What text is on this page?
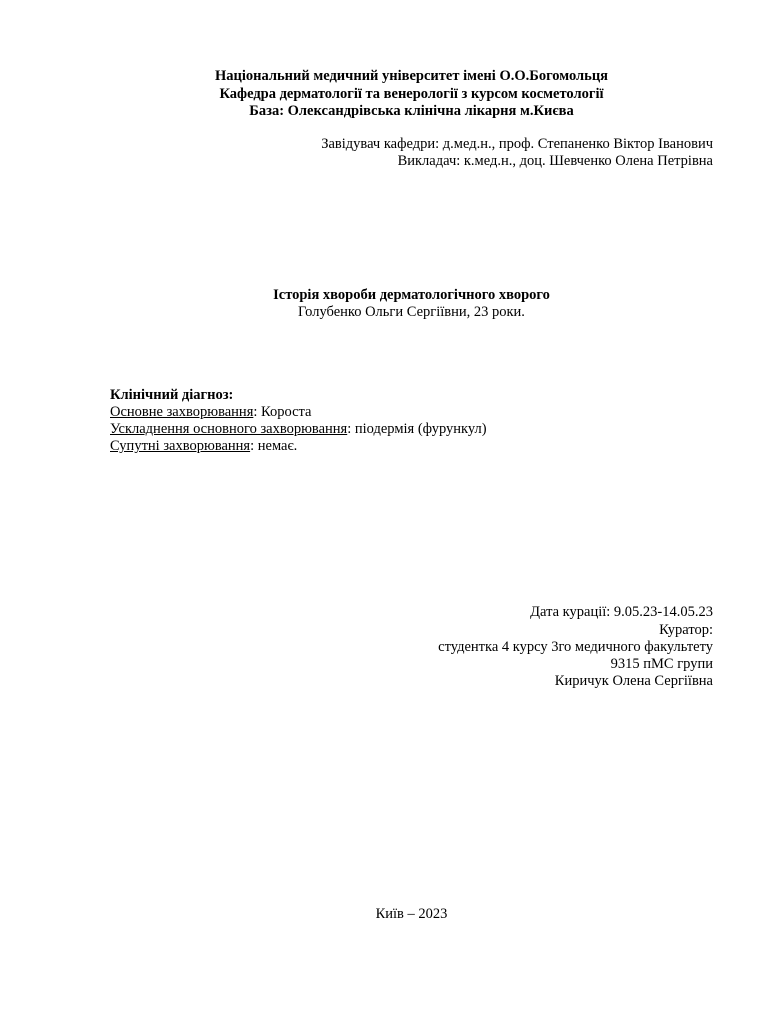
Національний медичний університет імені О.О.Богомольця
Кафедра дерматології та венерології з курсом косметології
База: Олександрівська клінічна лікарня м.Києва
Завідувач кафедри: д.мед.н., проф. Степаненко Віктор Іванович
Викладач: к.мед.н., доц. Шевченко Олена Петрівна
Історія хвороби дерматологічного хворого
Голубенко Ольги Сергіївни, 23 роки.
Клінічний діагноз:
Основне захворювання: Короста
Ускладнення основного захворювання: піодермія (фурункул)
Супутні захворювання: немає.
Дата курації: 9.05.23-14.05.23
Куратор:
студентка 4 курсу 3го медичного факультету
9315 пМС групи
Киричук Олена Сергіївна
Київ – 2023
